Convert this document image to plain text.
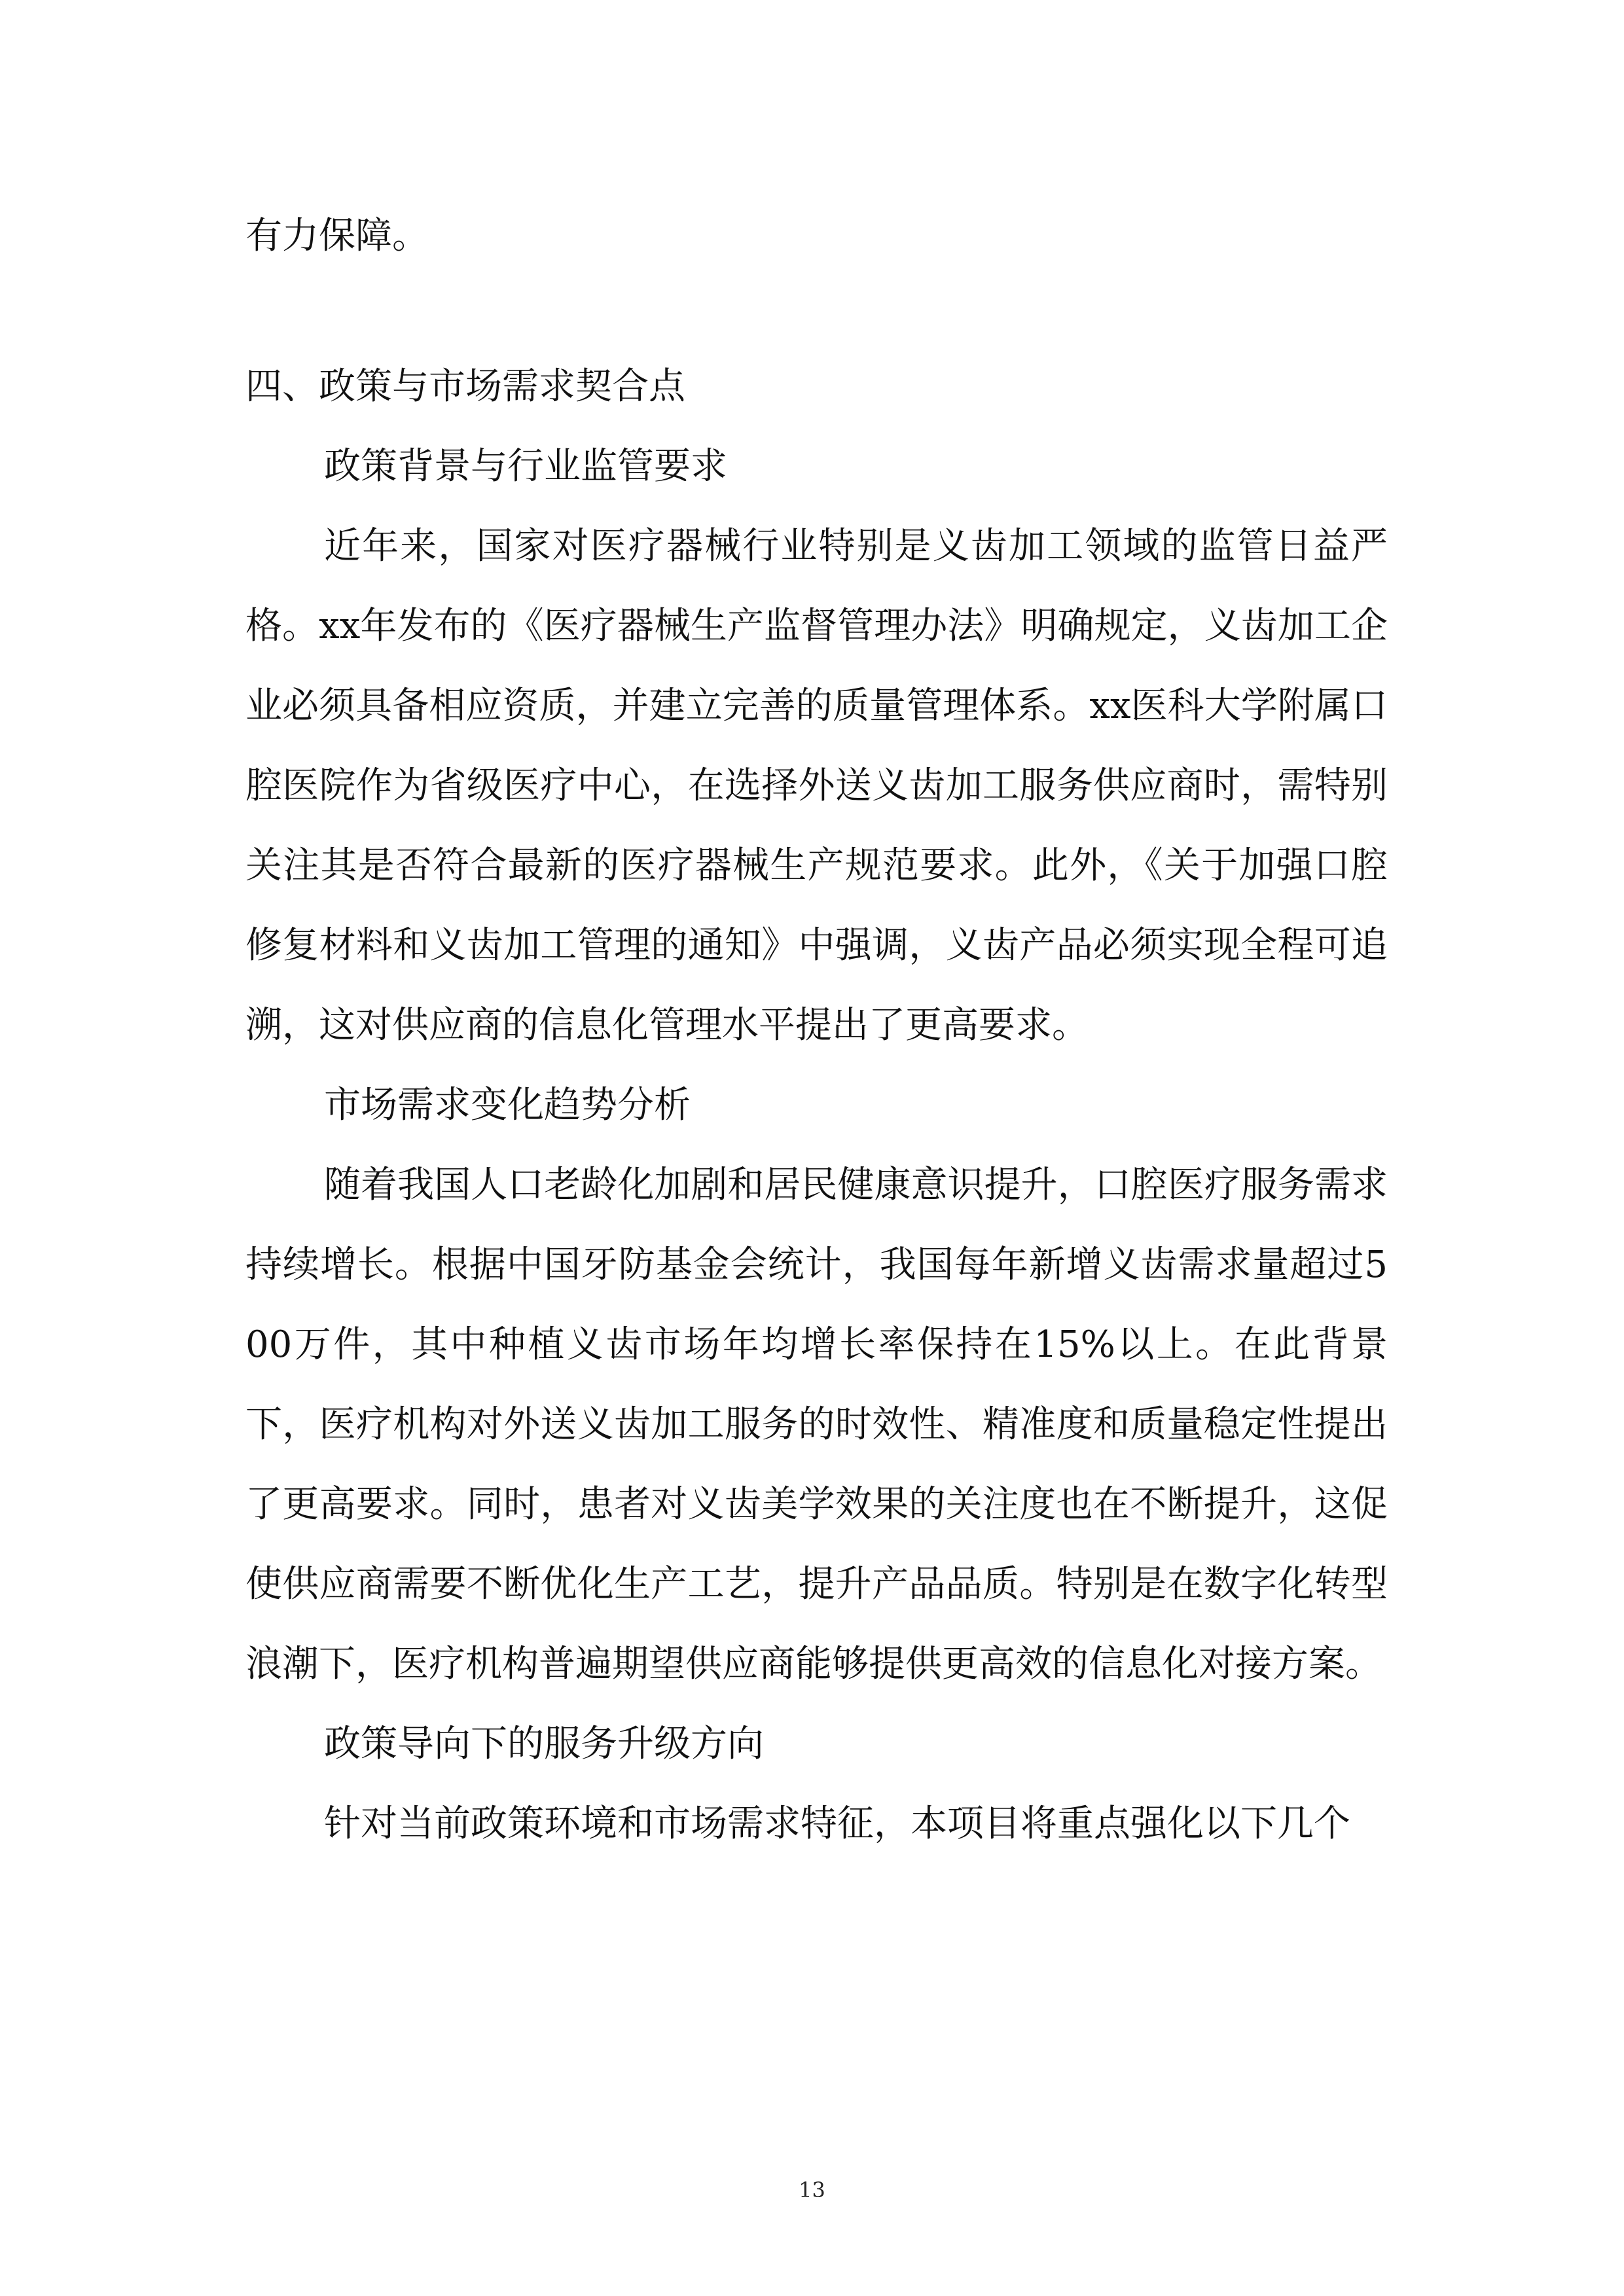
有力保障。

四、政策与市场需求契合点

政策背景与行业监管要求

近年来，国家对医疗器械行业特别是义齿加工领域的监管日益严格。xx年发布的《医疗器械生产监督管理办法》明确规定，义齿加工企业必须具备相应资质，并建立完善的质量管理体系。xx医科大学附属口腔医院作为省级医疗中心，在选择外送义齿加工服务供应商时，需特别关注其是否符合最新的医疗器械生产规范要求。此外，《关于加强口腔修复材料和义齿加工管理的通知》中强调，义齿产品必须实现全程可追溯，这对供应商的信息化管理水平提出了更高要求。

市场需求变化趋势分析

随着我国人口老龄化加剧和居民健康意识提升，口腔医疗服务需求持续增长。根据中国牙防基金会统计，我国每年新增义齿需求量超过500万件，其中种植义齿市场年均增长率保持在15%以上。在此背景下，医疗机构对外送义齿加工服务的时效性、精准度和质量稳定性提出了更高要求。同时，患者对义齿美学效果的关注度也在不断提升，这促使供应商需要不断优化生产工艺，提升产品品质。特别是在数字化转型浪潮下，医疗机构普遍期望供应商能够提供更高效的信息化对接方案。

政策导向下的服务升级方向

针对当前政策环境和市场需求特征，本项目将重点强化以下几个

13
